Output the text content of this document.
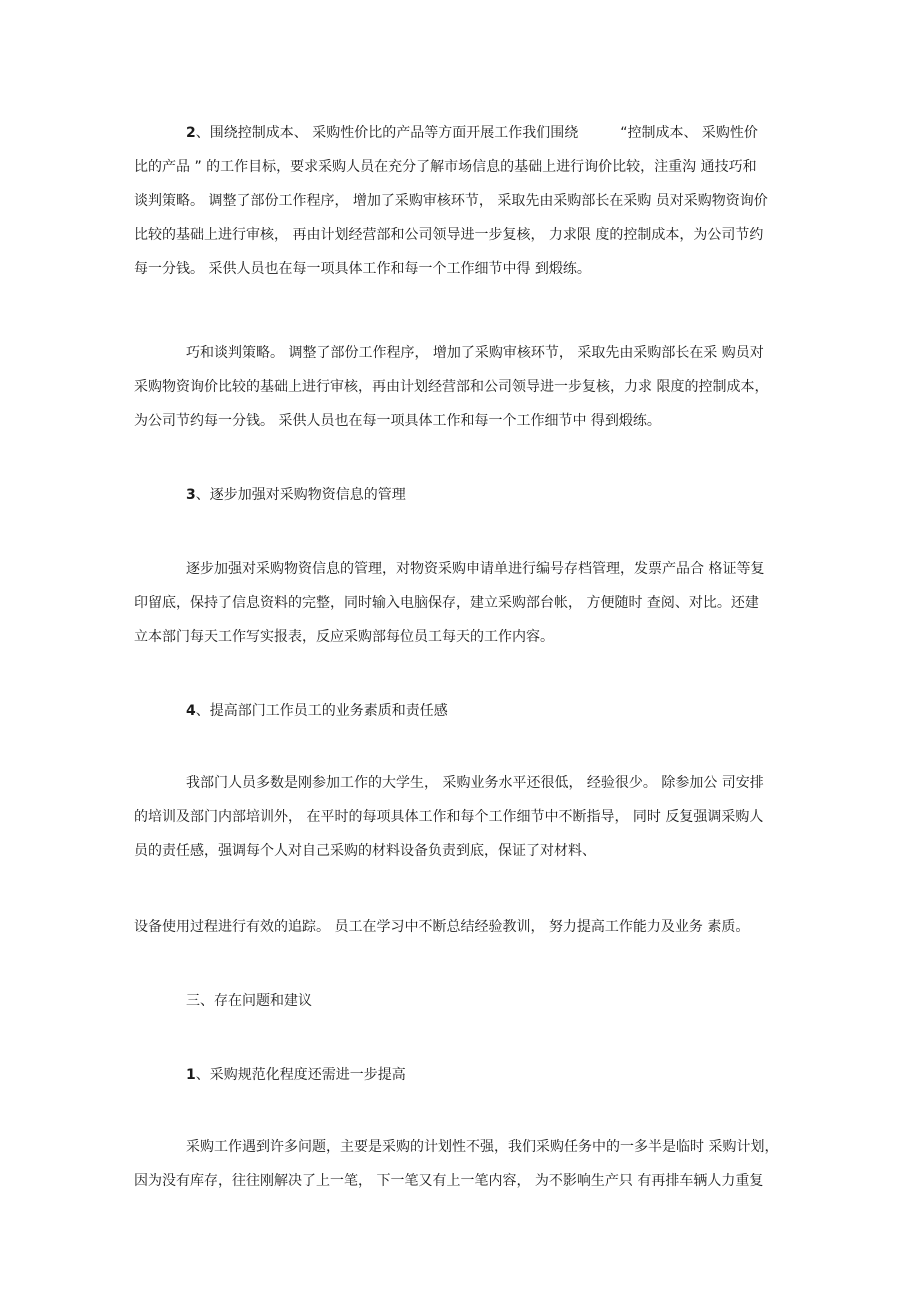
2、围绕控制成本、 采购性价比的产品等方面开展工作我们围绕　　　“控制成本、 采购性价
比的产品 ” 的工作目标，要求采购人员在充分了解市场信息的基础上进行询价比较，注重沟 通技巧和
谈判策略。 调整了部份工作程序， 增加了采购审核环节， 采取先由采购部长在采购 员对采购物资询价
比较的基础上进行审核， 再由计划经营部和公司领导进一步复核， 力求限 度的控制成本，为公司节约
每一分钱。 采供人员也在每一项具体工作和每一个工作细节中得 到煅练。
巧和谈判策略。 调整了部份工作程序， 增加了采购审核环节， 采取先由采购部长在采 购员对
采购物资询价比较的基础上进行审核，再由计划经营部和公司领导进一步复核，力求 限度的控制成本，
为公司节约每一分钱。 采供人员也在每一项具体工作和每一个工作细节中 得到煅练。
3、逐步加强对采购物资信息的管理
逐步加强对采购物资信息的管理，对物资采购申请单进行编号存档管理，发票产品合 格证等复
印留底，保持了信息资料的完整，同时输入电脑保存，建立采购部台帐， 方便随时 查阅、对比。还建
立本部门每天工作写实报表，反应采购部每位员工每天的工作内容。
4、提高部门工作员工的业务素质和责任感
我部门人员多数是刚参加工作的大学生， 采购业务水平还很低， 经验很少。 除参加公 司安排
的培训及部门内部培训外， 在平时的每项具体工作和每个工作细节中不断指导， 同时 反复强调采购人
员的责任感，强调每个人对自己采购的材料设备负责到底，保证了对材料、
设备使用过程进行有效的追踪。 员工在学习中不断总结经验教训， 努力提高工作能力及业务 素质。
三、存在问题和建议
1、采购规范化程度还需进一步提高
采购工作遇到许多问题，主要是采购的计划性不强，我们采购任务中的一多半是临时 采购计划，
因为没有库存，往往刚解决了上一笔， 下一笔又有上一笔内容， 为不影响生产只 有再排车辆人力重复
